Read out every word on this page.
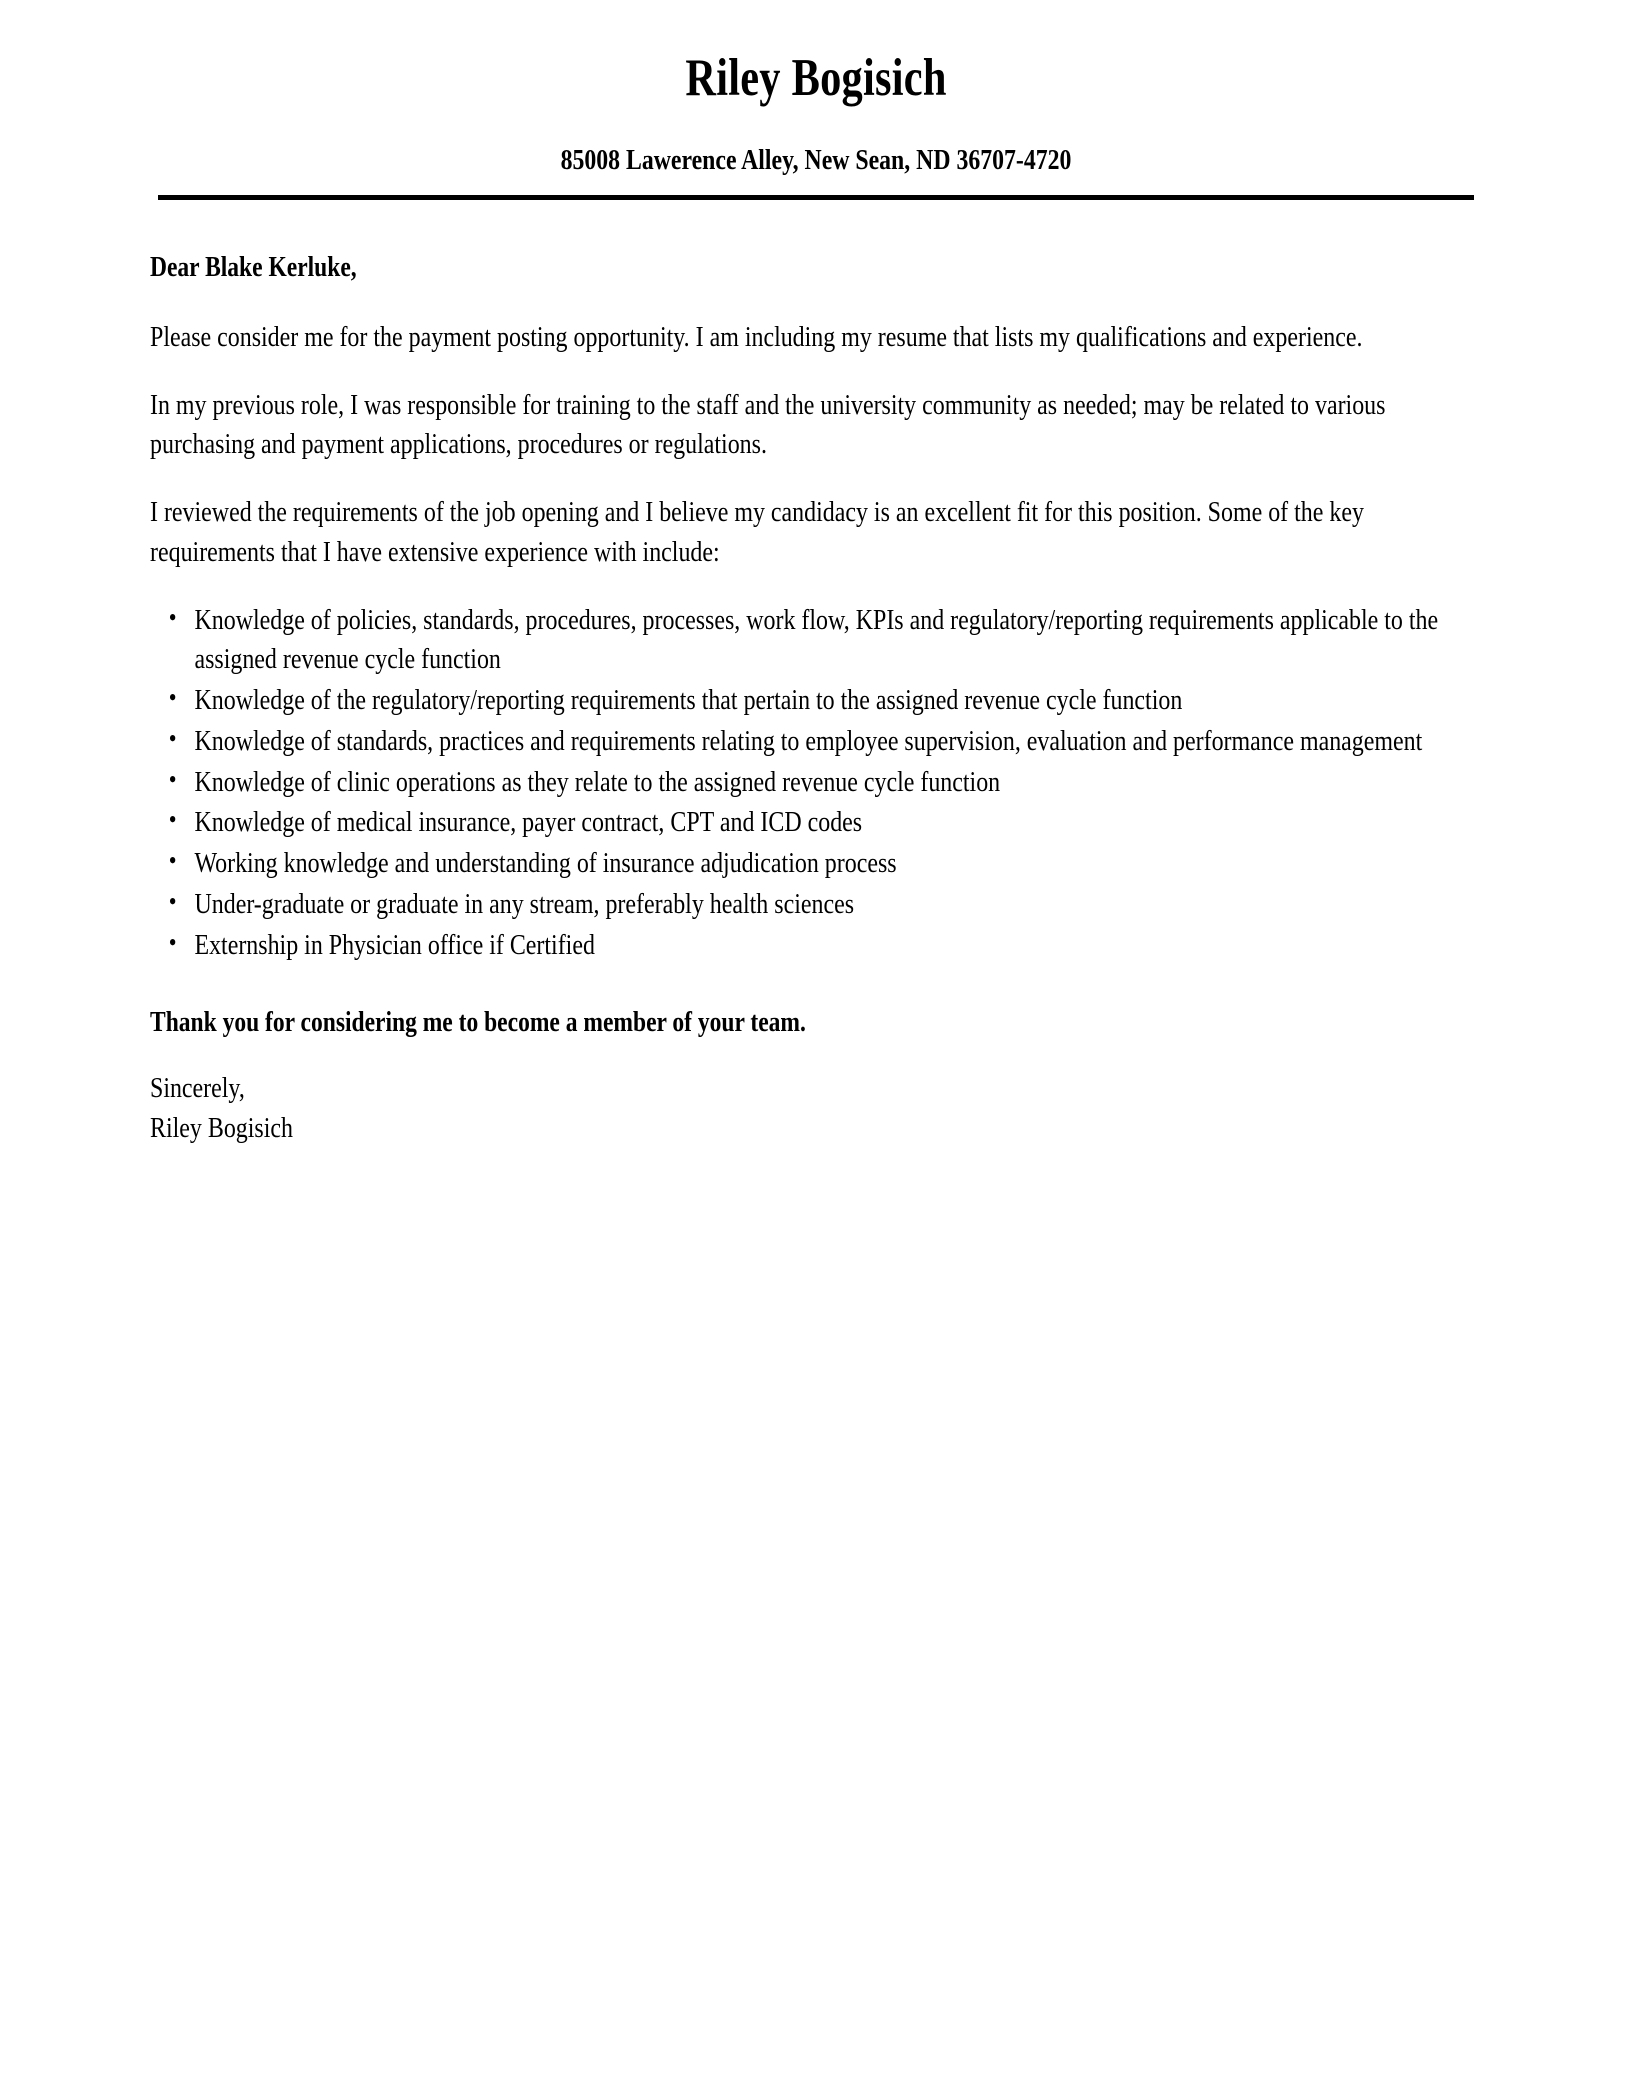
Riley Bogisich
85008 Lawerence Alley, New Sean, ND 36707-4720

Dear Blake Kerluke,

Please consider me for the payment posting opportunity. I am including my resume that lists my qualifications and experience.

In my previous role, I was responsible for training to the staff and the university community as needed; may be related to various purchasing and payment applications, procedures or regulations.

I reviewed the requirements of the job opening and I believe my candidacy is an excellent fit for this position. Some of the key requirements that I have extensive experience with include:

• Knowledge of policies, standards, procedures, processes, work flow, KPIs and regulatory/reporting requirements applicable to the assigned revenue cycle function
• Knowledge of the regulatory/reporting requirements that pertain to the assigned revenue cycle function
• Knowledge of standards, practices and requirements relating to employee supervision, evaluation and performance management
• Knowledge of clinic operations as they relate to the assigned revenue cycle function
• Knowledge of medical insurance, payer contract, CPT and ICD codes
• Working knowledge and understanding of insurance adjudication process
• Under-graduate or graduate in any stream, preferably health sciences
• Externship in Physician office if Certified

Thank you for considering me to become a member of your team.

Sincerely,
Riley Bogisich
